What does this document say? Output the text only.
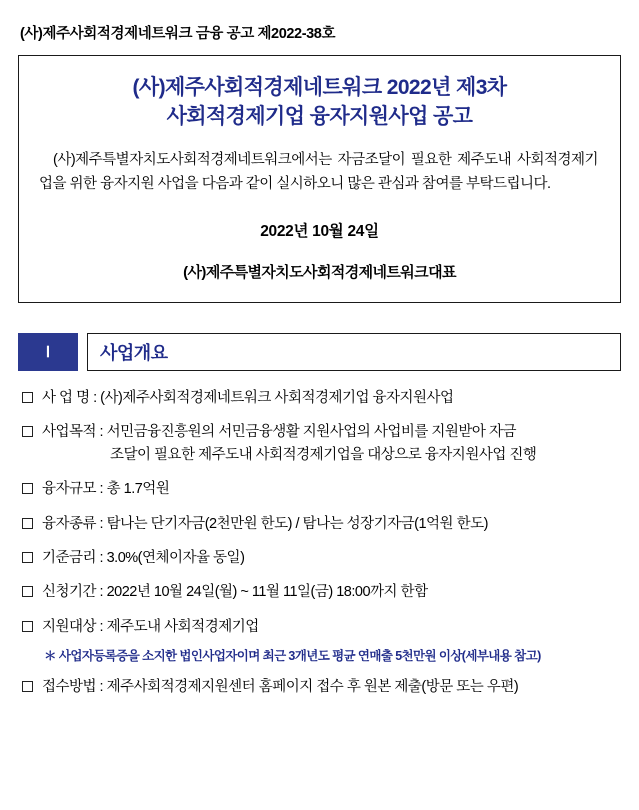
(사)제주사회적경제네트워크 금융 공고 제2022-38호
(사)제주사회적경제네트워크 2022년 제3차
사회적경제기업 융자지원사업 공고
(사)제주특별자치도사회적경제네트워크에서는 자금조달이 필요한 제주도내 사회적경제기업을 위한 융자지원 사업을 다음과 같이 실시하오니 많은 관심과 참여를 부탁드립니다.
2022년 10월 24일
(사)제주특별자치도사회적경제네트워크대표
Ⅰ	사업개요
사 업 명 : (사)제주사회적경제네트워크 사회적경제기업 융자지원사업
사업목적 : 서민금융진흥원의 서민금융생활 지원사업의 사업비를 지원받아 자금
조달이 필요한 제주도내 사회적경제기업을 대상으로 융자지원사업 진행
융자규모 : 총 1.7억원
융자종류 : 탐나는 단기자금(2천만원 한도) / 탐나는 성장기자금(1억원 한도)
기준금리 : 3.0%(연체이자율 동일)
신청기간 : 2022년 10월 24일(월) ~ 11월 11일(금) 18:00까지 한함
지원대상 : 제주도내 사회적경제기업
＊ 사업자등록증을 소지한 법인사업자이며 최근 3개년도 평균 연매출 5천만원 이상(세부내용 참고)
접수방법 : 제주사회적경제지원센터 홈페이지 접수 후 원본 제출(방문 또는 우편)
